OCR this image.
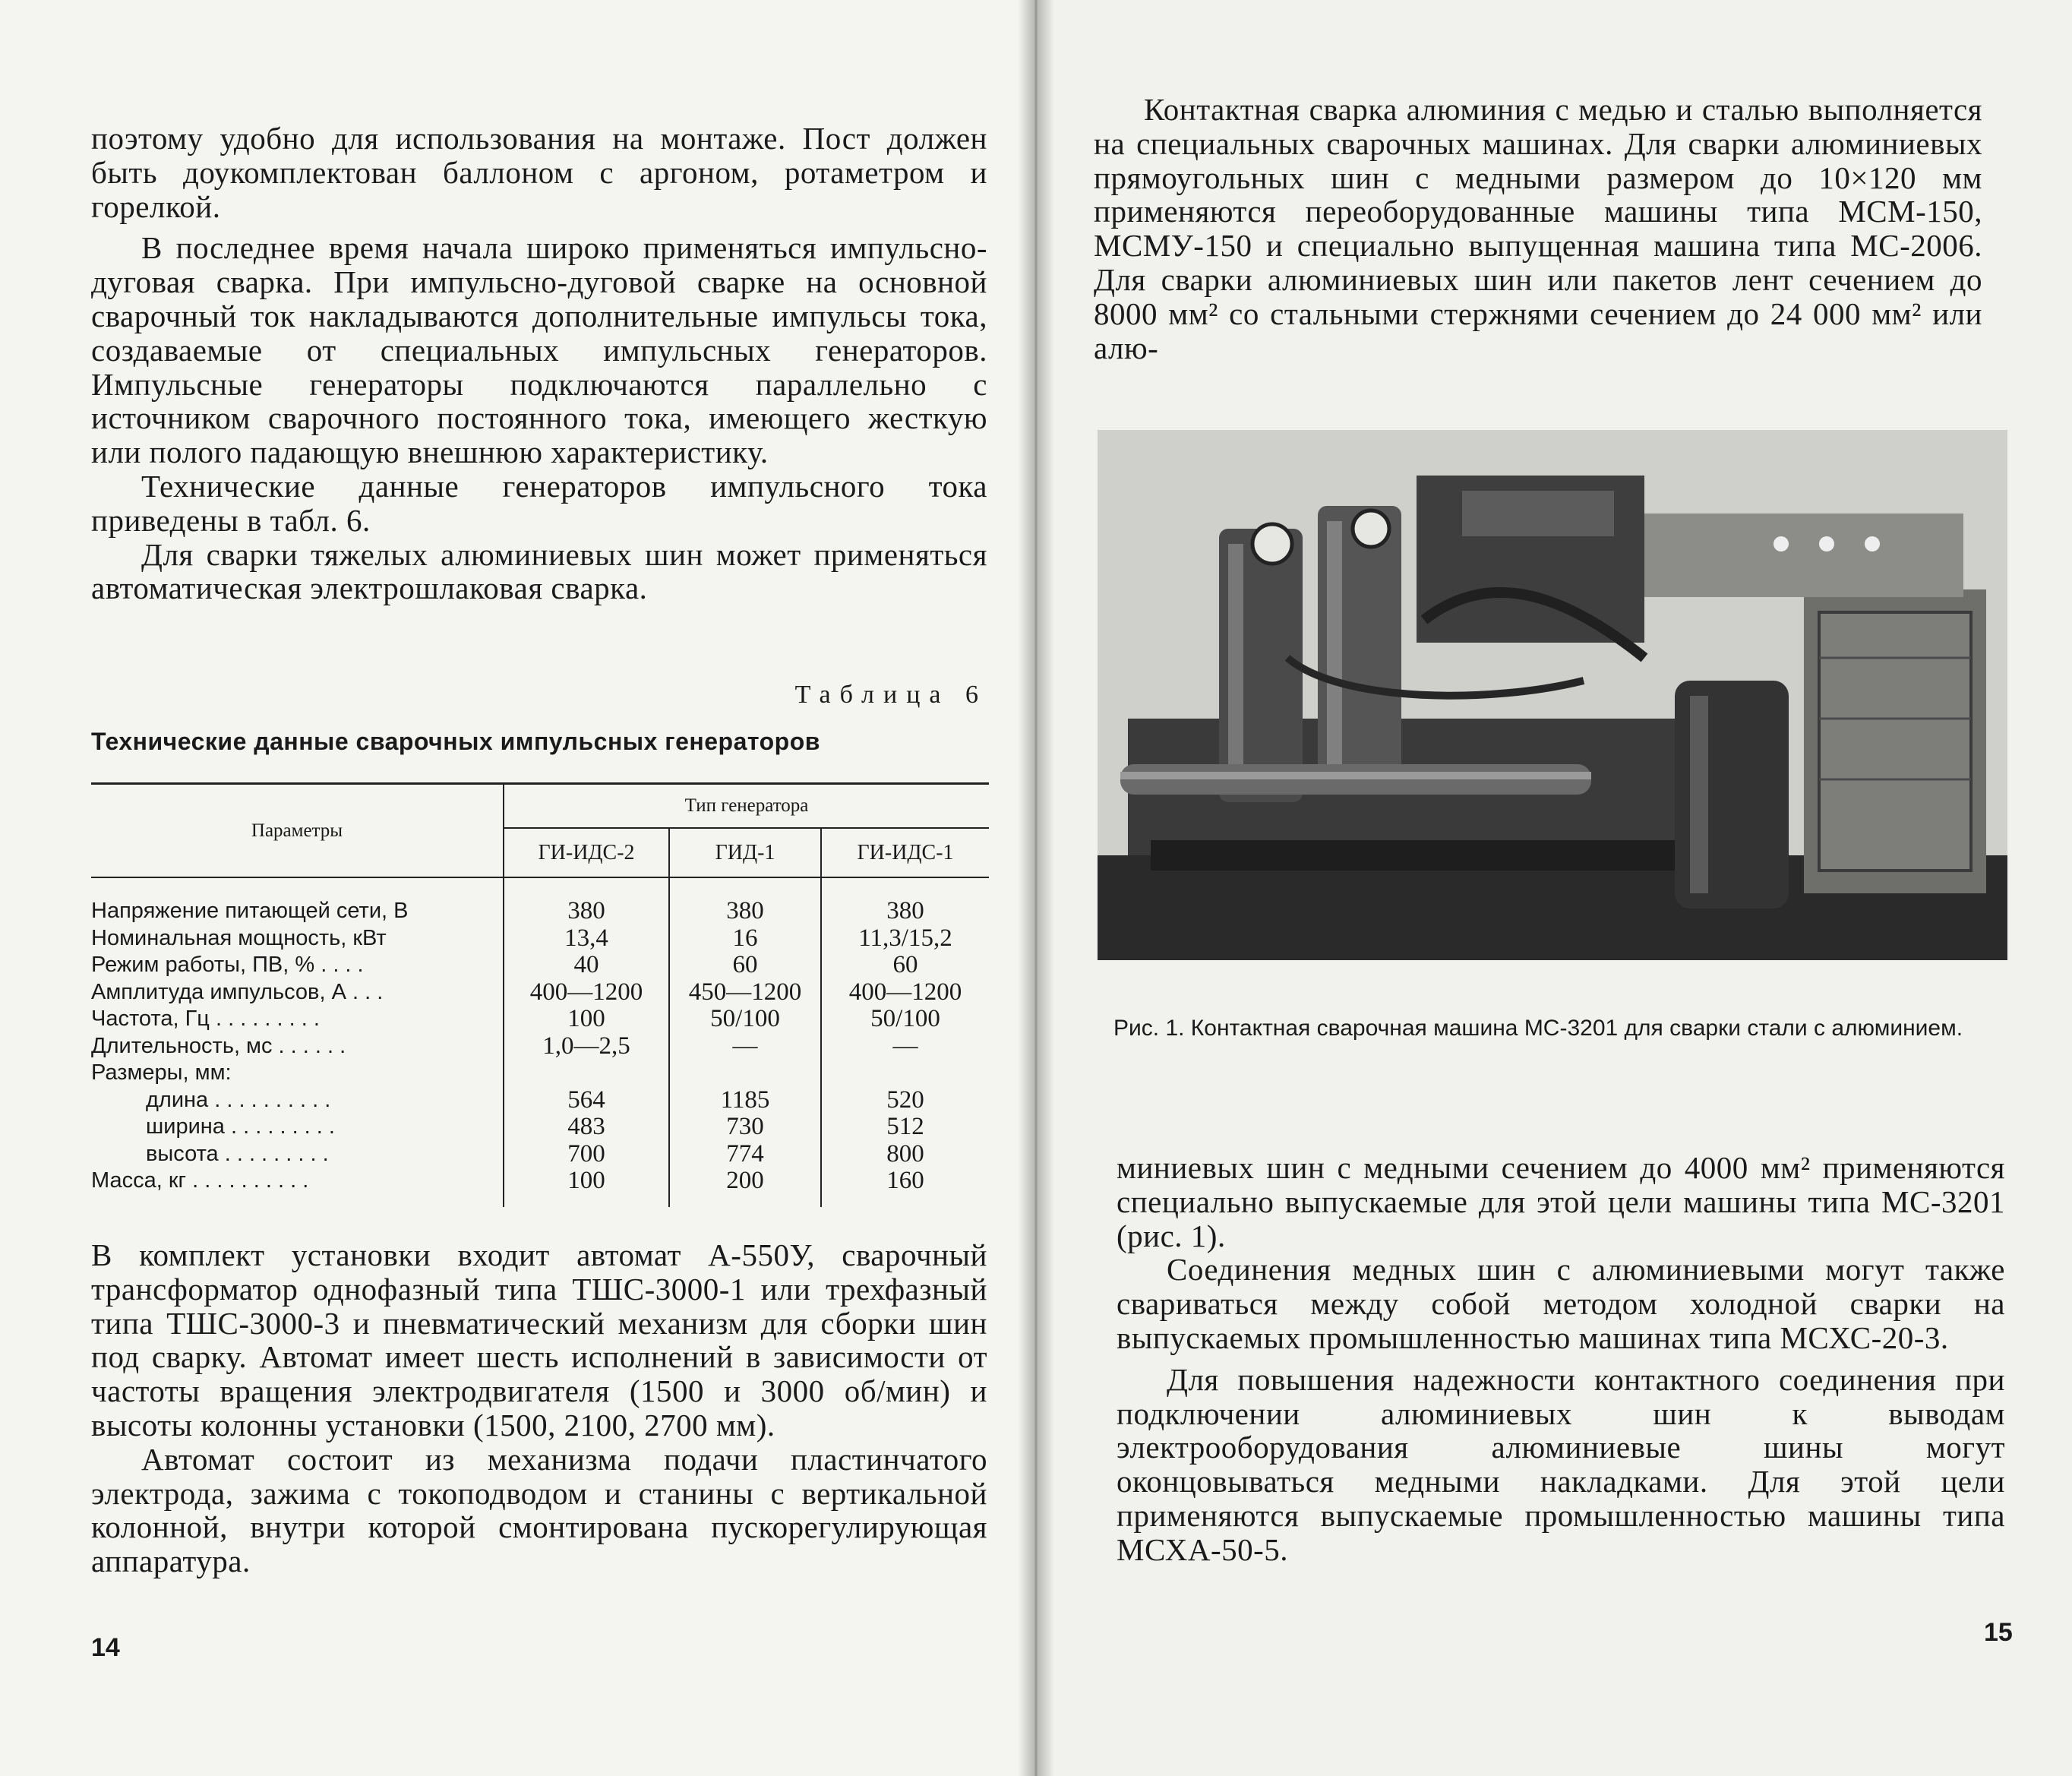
поэтому удобно для использования на монтаже. Пост должен быть доукомплектован баллоном с аргоном, ротаметром и горелкой.

В последнее время начала широко применяться импульсно-дуговая сварка. При импульсно-дуговой сварке на основной сварочный ток накладываются дополнительные импульсы тока, создаваемые от специальных импульсных генераторов. Импульсные генераторы подключаются параллельно с источником сварочного постоянного тока, имеющего жесткую или полого падающую внешнюю характеристику.

Технические данные генераторов импульсного тока приведены в табл. 6.

Для сварки тяжелых алюминиевых шин может применяться автоматическая электрошлаковая сварка.

Таблица 6
Технические данные сварочных импульсных генераторов
Параметры	Тип генератора		
	ГИ-ИДС-2	ГИД-1	ГИ-ИДС-1
Напряжение питающей сети, В	380	380	380
Номинальная мощность, кВт	13,4	16	11,3/15,2
Режим работы, ПВ, % . . . .	40	60	60
Амплитуда импульсов, А . . .	400—1200	450—1200	400—1200
Частота, Гц . . . . . . . . .	100	50/100	50/100
Длительность, мс . . . . . .	1,0—2,5	—	—
Размеры, мм:			
длина . . . . . . . . . .	564	1185	520
ширина . . . . . . . . .	483	730	512
высота . . . . . . . . .	700	774	800
Масса, кг . . . . . . . . . .	100	200	160

В комплект установки входит автомат А-550У, сварочный трансформатор однофазный типа ТШС-3000-1 или трехфазный типа ТШС-3000-3 и пневматический механизм для сборки шин под сварку. Автомат имеет шесть исполнений в зависимости от частоты вращения электродвигателя (1500 и 3000 об/мин) и высоты колонны установки (1500, 2100, 2700 мм).

Автомат состоит из механизма подачи пластинчатого электрода, зажима с токоподводом и станины с вертикальной колонной, внутри которой смонтирована пускорегулирующая аппаратура.

14

Контактная сварка алюминия с медью и сталью выполняется на специальных сварочных машинах. Для сварки алюминиевых прямоугольных шин с медными размером до 10×120 мм применяются переоборудованные машины типа МСМ-150, МСМУ-150 и специально выпущенная машина типа МС-2006. Для сварки алюминиевых шин или пакетов лент сечением до 8000 мм² со стальными стержнями сечением до 24 000 мм² или алю-

Рис. 1. Контактная сварочная машина МС-3201 для сварки стали с алюминием.

миниевых шин с медными сечением до 4000 мм² применяются специально выпускаемые для этой цели машины типа МС-3201 (рис. 1).

Соединения медных шин с алюминиевыми могут также свариваться между собой методом холодной сварки на выпускаемых промышленностью машинах типа МСХС-20-3.

Для повышения надежности контактного соединения при подключении алюминиевых шин к выводам электрооборудования алюминиевые шины могут оконцовываться медными накладками. Для этой цели применяются выпускаемые промышленностью машины типа МСХА-50-5.

15
